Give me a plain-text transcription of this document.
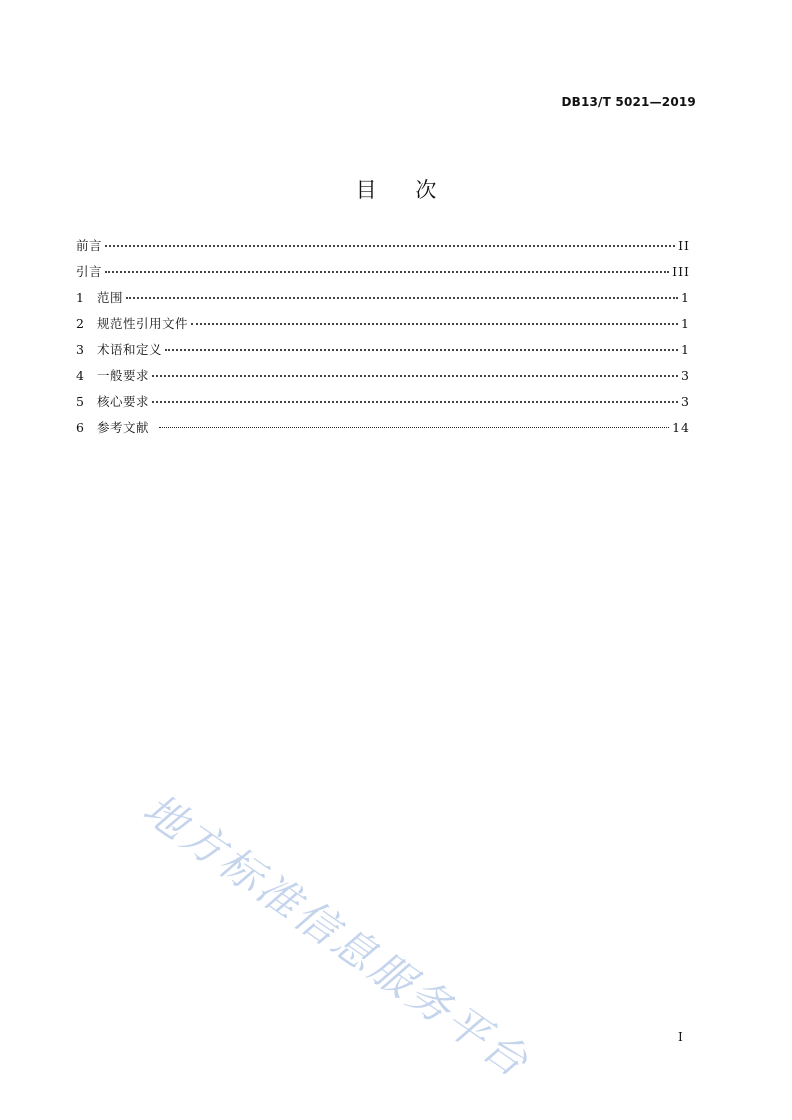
DB13/T 5021—2019
目 次
前言	II
引言	III
1	范围	1
2	规范性引用文件	1
3	术语和定义	1
4	一般要求	3
5	核心要求	3
6	参考文献	14
地方标准信息服务平台	I
